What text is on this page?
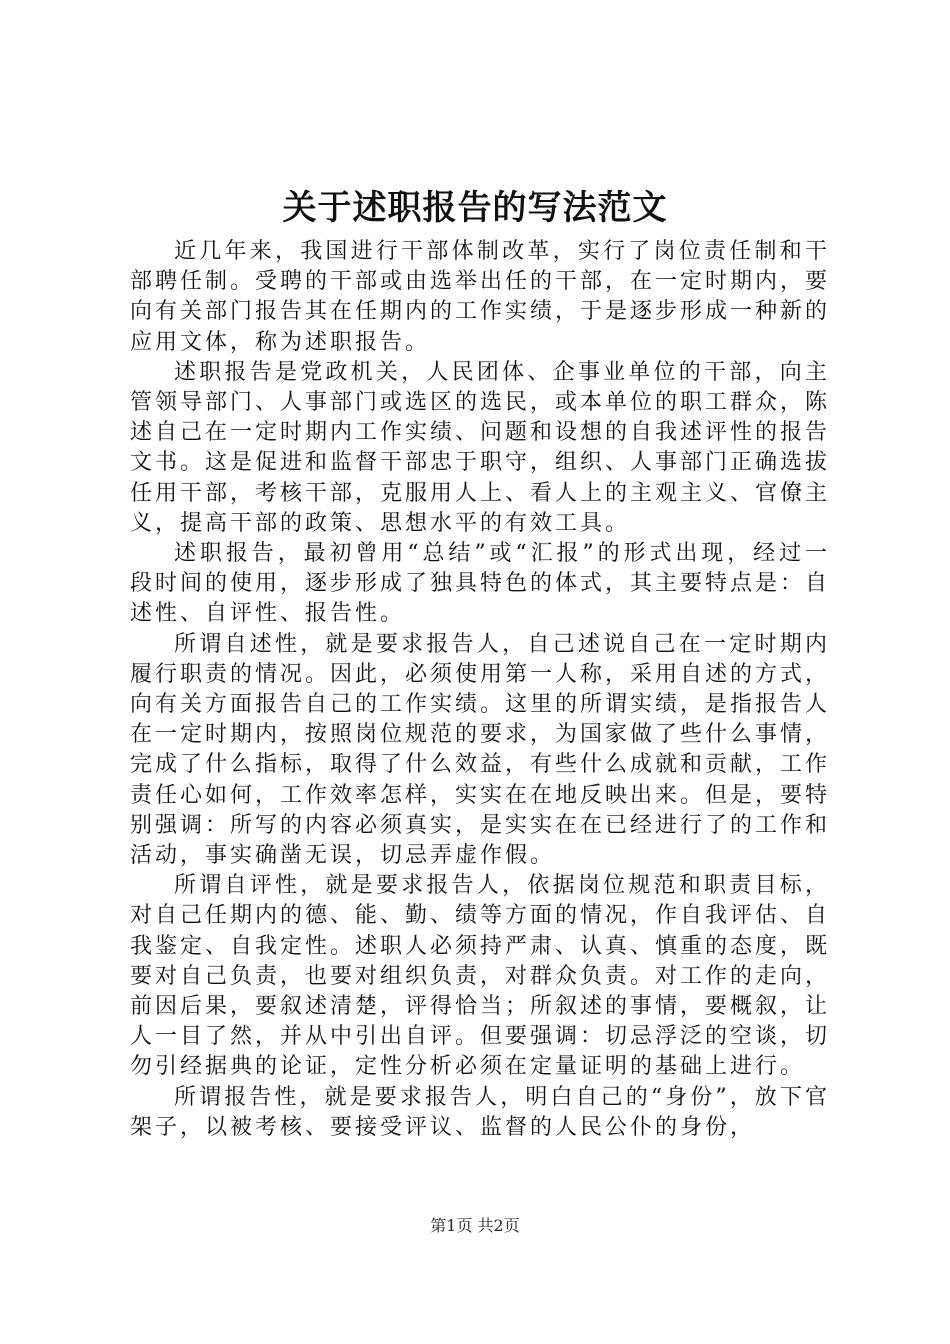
关于述职报告的写法范文

近几年来，我国进行干部体制改革，实行了岗位责任制和干部聘任制。受聘的干部或由选举出任的干部，在一定时期内，要向有关部门报告其在任期内的工作实绩，于是逐步形成一种新的应用文体，称为述职报告。

述职报告是党政机关，人民团体、企事业单位的干部，向主管领导部门、人事部门或选区的选民，或本单位的职工群众，陈述自己在一定时期内工作实绩、问题和设想的自我述评性的报告文书。这是促进和监督干部忠于职守，组织、人事部门正确选拔任用干部，考核干部，克服用人上、看人上的主观主义、官僚主义，提高干部的政策、思想水平的有效工具。

述职报告，最初曾用“总结”或“汇报”的形式出现，经过一段时间的使用，逐步形成了独具特色的体式，其主要特点是：自述性、自评性、报告性。

所谓自述性，就是要求报告人，自己述说自己在一定时期内履行职责的情况。因此，必须使用第一人称，采用自述的方式，向有关方面报告自己的工作实绩。这里的所谓实绩，是指报告人在一定时期内，按照岗位规范的要求，为国家做了些什么事情，完成了什么指标，取得了什么效益，有些什么成就和贡献，工作责任心如何，工作效率怎样，实实在在地反映出来。但是，要特别强调：所写的内容必须真实，是实实在在已经进行了的工作和活动，事实确凿无误，切忌弄虚作假。

所谓自评性，就是要求报告人，依据岗位规范和职责目标，对自己任期内的德、能、勤、绩等方面的情况，作自我评估、自我鉴定、自我定性。述职人必须持严肃、认真、慎重的态度，既要对自己负责，也要对组织负责，对群众负责。对工作的走向，前因后果，要叙述清楚，评得恰当；所叙述的事情，要概叙，让人一目了然，并从中引出自评。但要强调：切忌浮泛的空谈，切勿引经据典的论证，定性分析必须在定量证明的基础上进行。

所谓报告性，就是要求报告人，明白自己的“身份”，放下官架子，以被考核、要接受评议、监督的人民公仆的身份，

第1页 共2页
